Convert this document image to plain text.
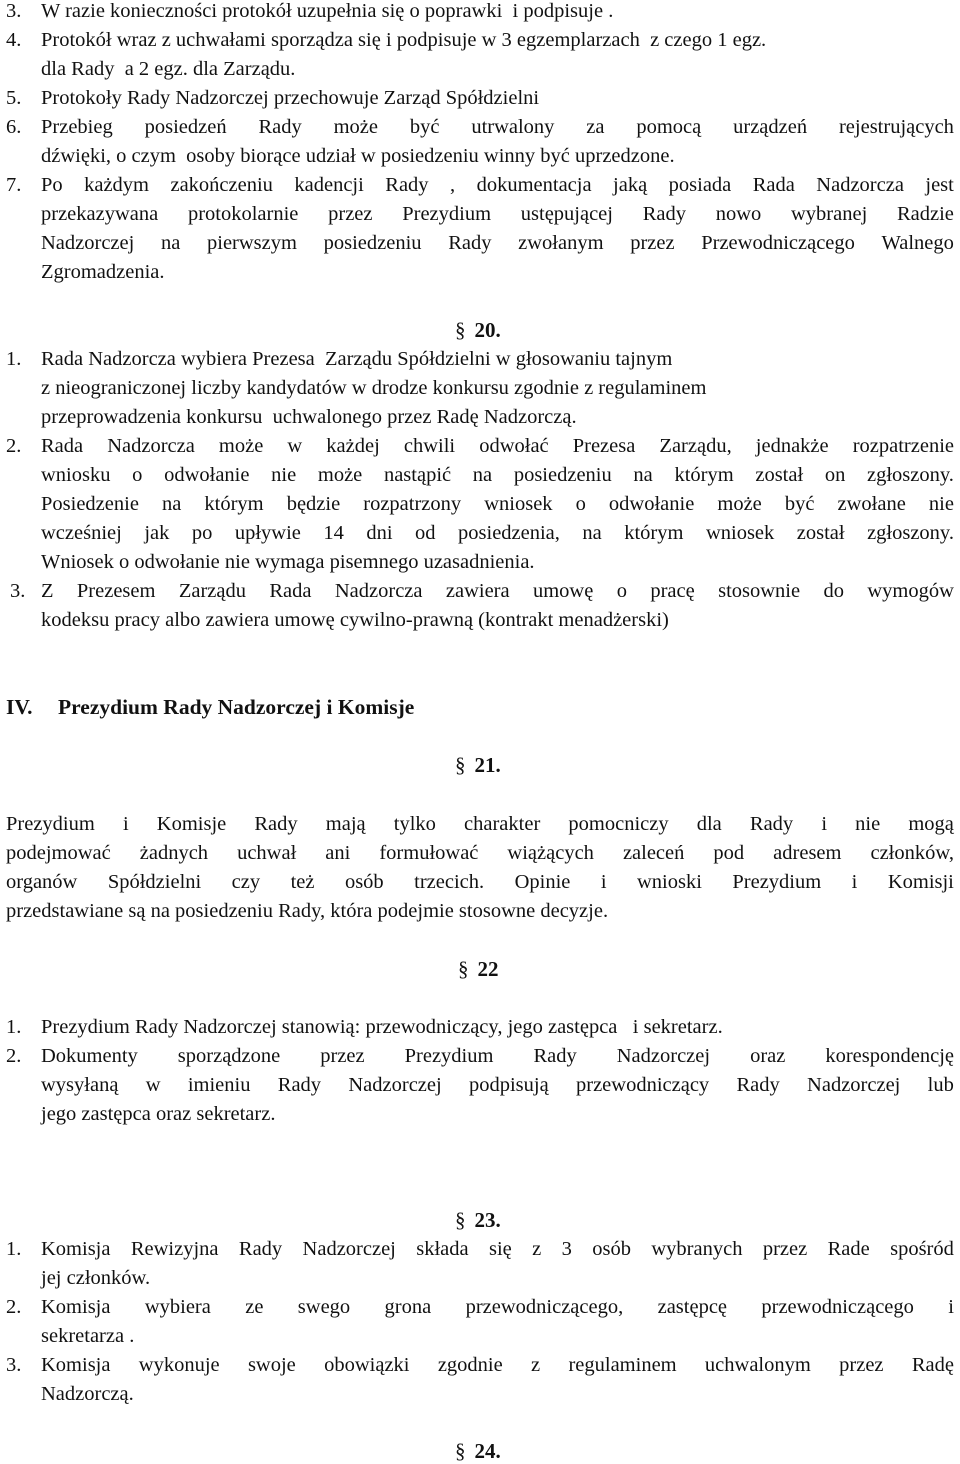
3. W razie konieczności protokół uzupełnia się o poprawki  i podpisuje .
4. Protokół wraz z uchwałami sporządza się i podpisuje w 3 egzemplarzach  z czego 1 egz.
dla Rady  a 2 egz. dla Zarządu.
5. Protokoły Rady Nadzorczej przechowuje Zarząd Spółdzielni
6. Przebieg posiedzeń Rady może być utrwalony za pomocą urządzeń rejestrujących
dźwięki, o czym  osoby biorące udział w posiedzeniu winny być uprzedzone.
7. Po każdym zakończeniu kadencji Rady , dokumentacja jaką posiada Rada Nadzorcza jest
przekazywana protokolarnie przez Prezydium ustępującej Rady nowo wybranej Radzie
Nadzorczej na pierwszym posiedzeniu Rady zwołanym przez Przewodniczącego Walnego
Zgromadzenia.
§ 20.
1. Rada Nadzorcza wybiera Prezesa  Zarządu Spółdzielni w głosowaniu tajnym
z nieograniczonej liczby kandydatów w drodze konkursu zgodnie z regulaminem
przeprowadzenia konkursu  uchwalonego przez Radę Nadzorczą.
2. Rada Nadzorcza może w każdej chwili odwołać Prezesa Zarządu, jednakże rozpatrzenie
wniosku o odwołanie nie może nastąpić na posiedzeniu na którym został on zgłoszony.
Posiedzenie na którym będzie rozpatrzony wniosek o odwołanie może być zwołane nie
wcześniej jak po upływie 14 dni od posiedzenia, na którym wniosek został zgłoszony.
Wniosek o odwołanie nie wymaga pisemnego uzasadnienia.
3. Z Prezesem Zarządu Rada Nadzorcza zawiera umowę o pracę stosownie do wymogów
kodeksu pracy albo zawiera umowę cywilno-prawną (kontrakt menadżerski)
IV. Prezydium Rady Nadzorczej i Komisje
§ 21.
Prezydium i Komisje Rady mają tylko charakter pomocniczy dla Rady i nie mogą
podejmować żadnych uchwał ani formułować wiążących zaleceń pod adresem członków,
organów Spółdzielni czy też osób trzecich. Opinie i wnioski Prezydium i Komisji
przedstawiane są na posiedzeniu Rady, która podejmie stosowne decyzje.
§ 22
1. Prezydium Rady Nadzorczej stanowią: przewodniczący, jego zastępca   i sekretarz.
2. Dokumenty sporządzone przez Prezydium Rady Nadzorczej oraz korespondencję
wysyłaną w imieniu Rady Nadzorczej podpisują przewodniczący Rady Nadzorczej lub
jego zastępca oraz sekretarz.
§ 23.
1. Komisja Rewizyjna Rady Nadzorczej składa się z 3 osób wybranych przez Rade spośród
jej członków.
2. Komisja wybiera ze swego grona przewodniczącego, zastępcę przewodniczącego i
sekretarza .
3. Komisja wykonuje swoje obowiązki zgodnie z regulaminem uchwalonym przez Radę
Nadzorczą.
§ 24.
